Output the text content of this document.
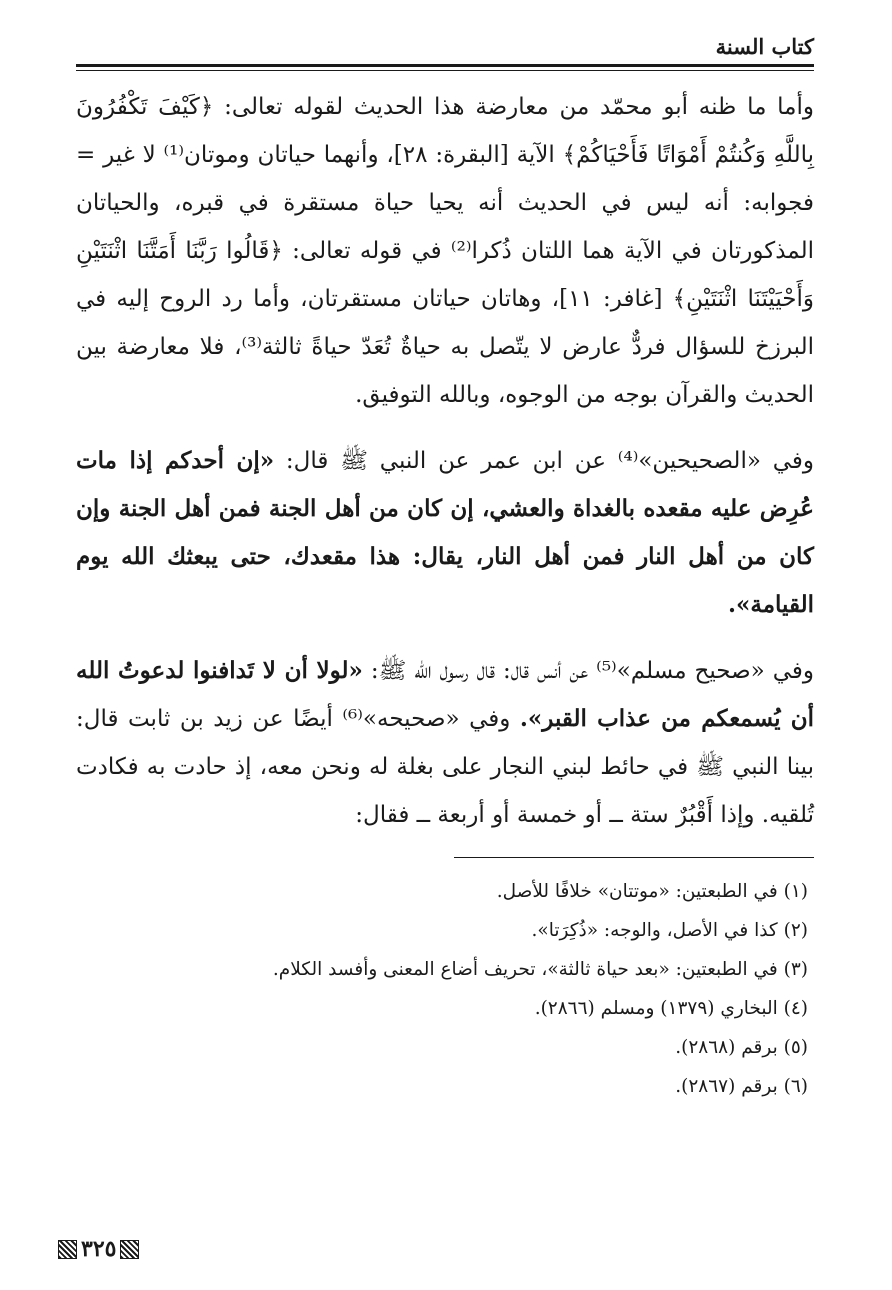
كتاب السنة

وأما ما ظنه أبو محمّد من معارضة هذا الحديث لقوله تعالى: ﴿كَيْفَ تَكْفُرُونَ بِاللَّهِ وَكُنتُمْ أَمْوَاتًا فَأَحْيَاكُمْ﴾ الآية [البقرة: ٢٨]، وأنهما حياتان وموتان⁽¹⁾ لا غير = فجوابه: أنه ليس في الحديث أنه يحيا حياة مستقرة في قبره، والحياتان المذكورتان في الآية هما اللتان ذُكرا⁽²⁾ في قوله تعالى: ﴿قَالُوا رَبَّنَا أَمَتَّنَا اثْنَتَيْنِ وَأَحْيَيْتَنَا اثْنَتَيْنِ﴾ [غافر: ١١]، وهاتان حياتان مستقرتان، وأما رد الروح إليه في البرزخ للسؤال فردٌّ عارض لا يتّصل به حياةٌ تُعَدّ حياةً ثالثة⁽³⁾، فلا معارضة بين الحديث والقرآن بوجه من الوجوه، وبالله التوفيق.

وفي «الصحيحين»⁽⁴⁾ عن ابن عمر عن النبي ﷺ قال: «إن أحدكم إذا مات عُرِض عليه مقعده بالغداة والعشي، إن كان من أهل الجنة فمن أهل الجنة وإن كان من أهل النار فمن أهل النار، يقال: هذا مقعدك، حتى يبعثك الله يوم القيامة».

وفي «صحيح مسلم»⁽⁵⁾ عن أنس قال: قال رسول الله ﷺ: «لولا أن لا تَدافنوا لدعوتُ الله أن يُسمعكم من عذاب القبر». وفي «صحيحه»⁽⁶⁾ أيضًا عن زيد بن ثابت قال: بينا النبي ﷺ في حائط لبني النجار على بغلة له ونحن معه، إذ حادت به فكادت تُلقيه. وإذا أَقْبُرٌ ستة ــ أو خمسة أو أربعة ــ فقال:

(١) في الطبعتين: «موتتان» خلافًا للأصل.

(٢) كذا في الأصل، والوجه: «ذُكِرَتا».

(٣) في الطبعتين: «بعد حياة ثالثة»، تحريف أضاع المعنى وأفسد الكلام.

(٤) البخاري (١٣٧٩) ومسلم (٢٨٦٦).

(٥) برقم (٢٨٦٨).

(٦) برقم (٢٨٦٧).

٣٢٥
